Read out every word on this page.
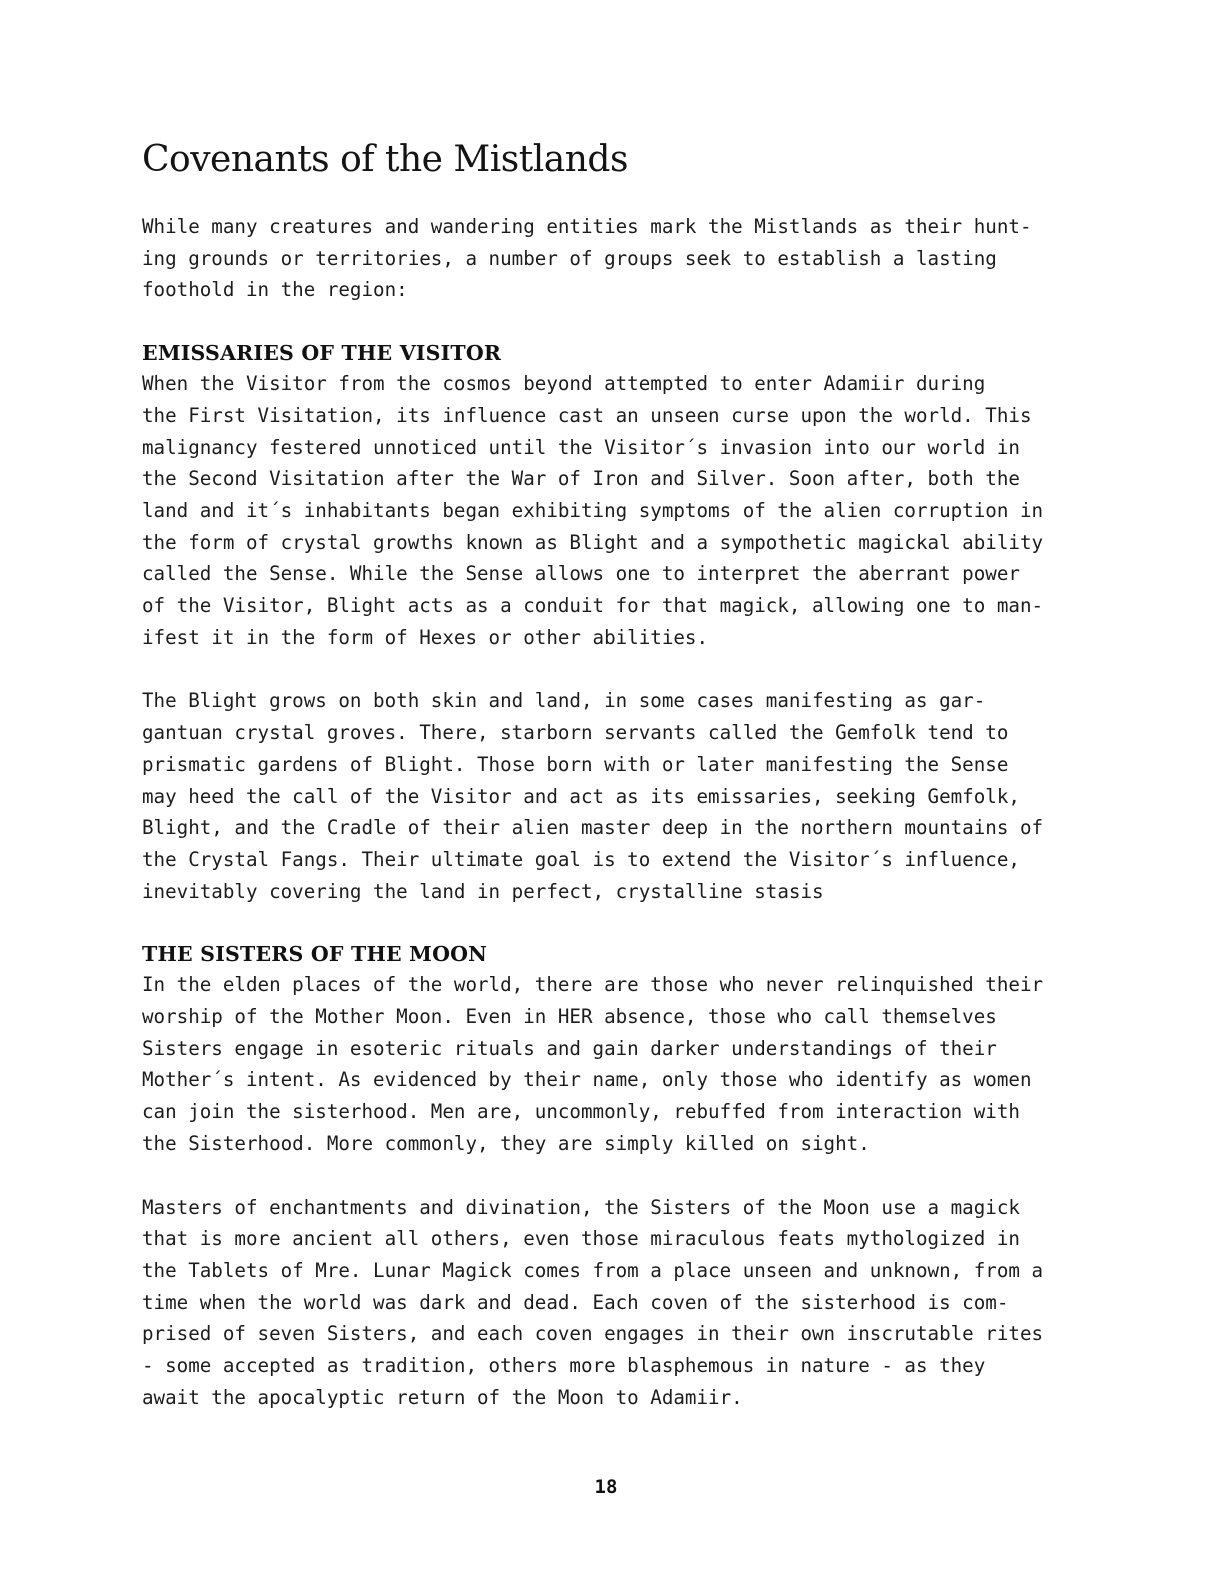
Covenants of the Mistlands

While many creatures and wandering entities mark the Mistlands as their hunt-
ing grounds or territories, a number of groups seek to establish a lasting
foothold in the region:

EMISSARIES OF THE VISITOR

When the Visitor from the cosmos beyond attempted to enter Adamiir during
the First Visitation, its influence cast an unseen curse upon the world. This
malignancy festered unnoticed until the Visitor´s invasion into our world in
the Second Visitation after the War of Iron and Silver. Soon after, both the
land and it´s inhabitants began exhibiting symptoms of the alien corruption in
the form of crystal growths known as Blight and a sympothetic magickal ability
called the Sense. While the Sense allows one to interpret the aberrant power
of the Visitor, Blight acts as a conduit for that magick, allowing one to man-
ifest it in the form of Hexes or other abilities.

The Blight grows on both skin and land, in some cases manifesting as gar-
gantuan crystal groves. There, starborn servants called the Gemfolk tend to
prismatic gardens of Blight. Those born with or later manifesting the Sense
may heed the call of the Visitor and act as its emissaries, seeking Gemfolk,
Blight, and the Cradle of their alien master deep in the northern mountains of
the Crystal Fangs. Their ultimate goal is to extend the Visitor´s influence,
inevitably covering the land in perfect, crystalline stasis

THE SISTERS OF THE MOON

In the elden places of the world, there are those who never relinquished their
worship of the Mother Moon. Even in HER absence, those who call themselves
Sisters engage in esoteric rituals and gain darker understandings of their
Mother´s intent. As evidenced by their name, only those who identify as women
can join the sisterhood. Men are, uncommonly, rebuffed from interaction with
the Sisterhood. More commonly, they are simply killed on sight.

Masters of enchantments and divination, the Sisters of the Moon use a magick
that is more ancient all others, even those miraculous feats mythologized in
the Tablets of Mre. Lunar Magick comes from a place unseen and unknown, from a
time when the world was dark and dead. Each coven of the sisterhood is com-
prised of seven Sisters, and each coven engages in their own inscrutable rites
- some accepted as tradition, others more blasphemous in nature - as they
await the apocalyptic return of the Moon to Adamiir.

18
